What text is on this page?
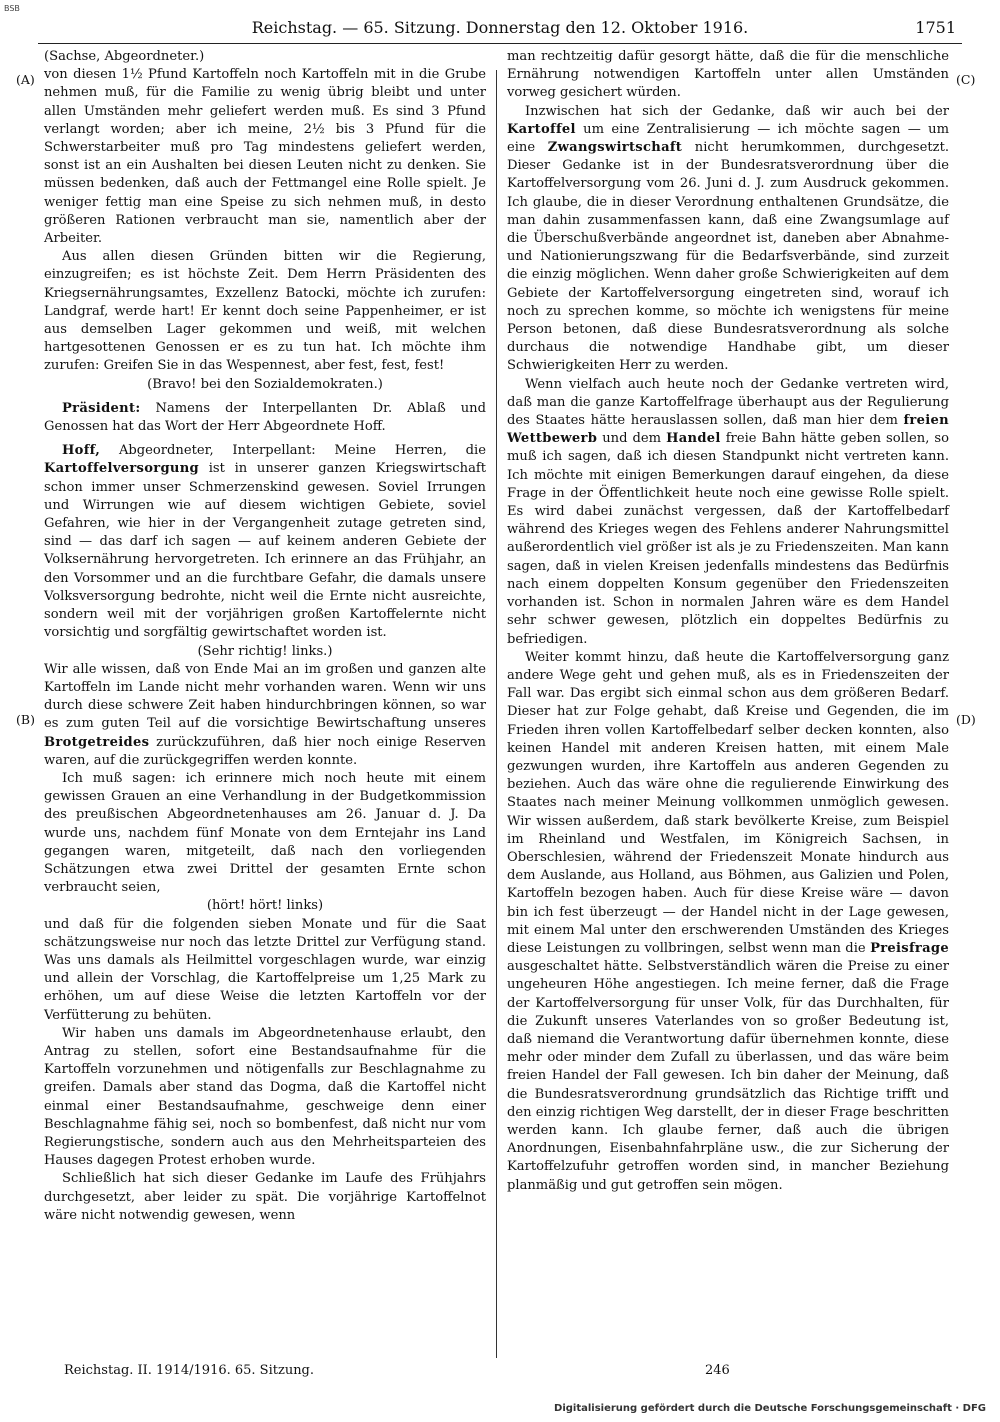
BSB
Reichstag. — 65. Sitzung. Donnerstag den 12. Oktober 1916.	1751
(A)
(B)
(C)
(D)

(Sachse, Abgeordneter.)

von diesen 1½ Pfund Kartoffeln noch Kartoffeln mit in die Grube nehmen muß, für die Familie zu wenig übrig bleibt und unter allen Umständen mehr geliefert werden muß. Es sind 3 Pfund verlangt worden; aber ich meine, 2½ bis 3 Pfund für die Schwerstarbeiter muß pro Tag mindestens geliefert werden, sonst ist an ein Aushalten bei diesen Leuten nicht zu denken. Sie müssen bedenken, daß auch der Fettmangel eine Rolle spielt. Je weniger fettig man eine Speise zu sich nehmen muß, in desto größeren Rationen verbraucht man sie, namentlich aber der Arbeiter.

Aus allen diesen Gründen bitten wir die Regierung, einzugreifen; es ist höchste Zeit. Dem Herrn Präsidenten des Kriegsernährungsamtes, Exzellenz Batocki, möchte ich zurufen: Landgraf, werde hart! Er kennt doch seine Pappenheimer, er ist aus demselben Lager gekommen und weiß, mit welchen hartgesottenen Genossen er es zu tun hat. Ich möchte ihm zurufen: Greifen Sie in das Wespennest, aber fest, fest, fest!

(Bravo! bei den Sozialdemokraten.)

Präsident: Namens der Interpellanten Dr. Ablaß und Genossen hat das Wort der Herr Abgeordnete Hoff.

Hoff, Abgeordneter, Interpellant: Meine Herren, die Kartoffelversorgung ist in unserer ganzen Kriegswirtschaft schon immer unser Schmerzenskind gewesen. Soviel Irrungen und Wirrungen wie auf diesem wichtigen Gebiete, soviel Gefahren, wie hier in der Vergangenheit zutage getreten sind, sind — das darf ich sagen — auf keinem anderen Gebiete der Volksernährung hervorgetreten. Ich erinnere an das Frühjahr, an den Vorsommer und an die furchtbare Gefahr, die damals unsere Volksversorgung bedrohte, nicht weil die Ernte nicht ausreichte, sondern weil mit der vorjährigen großen Kartoffelernte nicht vorsichtig und sorgfältig gewirtschaftet worden ist.

(Sehr richtig! links.)

Wir alle wissen, daß von Ende Mai an im großen und ganzen alte Kartoffeln im Lande nicht mehr vorhanden waren. Wenn wir uns durch diese schwere Zeit haben hindurchbringen können, so war es zum guten Teil auf die vorsichtige Bewirtschaftung unseres Brotgetreides zurückzuführen, daß hier noch einige Reserven waren, auf die zurückgegriffen werden konnte.

Ich muß sagen: ich erinnere mich noch heute mit einem gewissen Grauen an eine Verhandlung in der Budgetkommission des preußischen Abgeordnetenhauses am 26. Januar d. J. Da wurde uns, nachdem fünf Monate von dem Erntejahr ins Land gegangen waren, mitgeteilt, daß nach den vorliegenden Schätzungen etwa zwei Drittel der gesamten Ernte schon verbraucht seien,

(hört! hört! links)

und daß für die folgenden sieben Monate und für die Saat schätzungsweise nur noch das letzte Drittel zur Verfügung stand. Was uns damals als Heilmittel vorgeschlagen wurde, war einzig und allein der Vorschlag, die Kartoffelpreise um 1,25 Mark zu erhöhen, um auf diese Weise die letzten Kartoffeln vor der Verfütterung zu behüten.

Wir haben uns damals im Abgeordnetenhause erlaubt, den Antrag zu stellen, sofort eine Bestandsaufnahme für die Kartoffeln vorzunehmen und nötigenfalls zur Beschlagnahme zu greifen. Damals aber stand das Dogma, daß die Kartoffel nicht einmal einer Bestandsaufnahme, geschweige denn einer Beschlagnahme fähig sei, noch so bombenfest, daß nicht nur vom Regierungstische, sondern auch aus den Mehrheitsparteien des Hauses dagegen Protest erhoben wurde.

Schließlich hat sich dieser Gedanke im Laufe des Frühjahrs durchgesetzt, aber leider zu spät. Die vorjährige Kartoffelnot wäre nicht notwendig gewesen, wenn

man rechtzeitig dafür gesorgt hätte, daß die für die menschliche Ernährung notwendigen Kartoffeln unter allen Umständen vorweg gesichert würden.

Inzwischen hat sich der Gedanke, daß wir auch bei der Kartoffel um eine Zentralisierung — ich möchte sagen — um eine Zwangswirtschaft nicht herumkommen, durchgesetzt. Dieser Gedanke ist in der Bundesratsverordnung über die Kartoffelversorgung vom 26. Juni d. J. zum Ausdruck gekommen. Ich glaube, die in dieser Verordnung enthaltenen Grundsätze, die man dahin zusammenfassen kann, daß eine Zwangsumlage auf die Überschußverbände angeordnet ist, daneben aber Abnahme- und Nationierungszwang für die Bedarfsverbände, sind zurzeit die einzig möglichen. Wenn daher große Schwierigkeiten auf dem Gebiete der Kartoffelversorgung eingetreten sind, worauf ich noch zu sprechen komme, so möchte ich wenigstens für meine Person betonen, daß diese Bundesratsverordnung als solche durchaus die notwendige Handhabe gibt, um dieser Schwierigkeiten Herr zu werden.

Wenn vielfach auch heute noch der Gedanke vertreten wird, daß man die ganze Kartoffelfrage überhaupt aus der Regulierung des Staates hätte herauslassen sollen, daß man hier dem freien Wettbewerb und dem Handel freie Bahn hätte geben sollen, so muß ich sagen, daß ich diesen Standpunkt nicht vertreten kann. Ich möchte mit einigen Bemerkungen darauf eingehen, da diese Frage in der Öffentlichkeit heute noch eine gewisse Rolle spielt. Es wird dabei zunächst vergessen, daß der Kartoffelbedarf während des Krieges wegen des Fehlens anderer Nahrungsmittel außerordentlich viel größer ist als je zu Friedenszeiten. Man kann sagen, daß in vielen Kreisen jedenfalls mindestens das Bedürfnis nach einem doppelten Konsum gegenüber den Friedenszeiten vorhanden ist. Schon in normalen Jahren wäre es dem Handel sehr schwer gewesen, plötzlich ein doppeltes Bedürfnis zu befriedigen.

Weiter kommt hinzu, daß heute die Kartoffelversorgung ganz andere Wege geht und gehen muß, als es in Friedenszeiten der Fall war. Das ergibt sich einmal schon aus dem größeren Bedarf. Dieser hat zur Folge gehabt, daß Kreise und Gegenden, die im Frieden ihren vollen Kartoffelbedarf selber decken konnten, also keinen Handel mit anderen Kreisen hatten, mit einem Male gezwungen wurden, ihre Kartoffeln aus anderen Gegenden zu beziehen. Auch das wäre ohne die regulierende Einwirkung des Staates nach meiner Meinung vollkommen unmöglich gewesen. Wir wissen außerdem, daß stark bevölkerte Kreise, zum Beispiel im Rheinland und Westfalen, im Königreich Sachsen, in Oberschlesien, während der Friedenszeit Monate hindurch aus dem Auslande, aus Holland, aus Böhmen, aus Galizien und Polen, Kartoffeln bezogen haben. Auch für diese Kreise wäre — davon bin ich fest überzeugt — der Handel nicht in der Lage gewesen, mit einem Mal unter den erschwerenden Umständen des Krieges diese Leistungen zu vollbringen, selbst wenn man die Preisfrage ausgeschaltet hätte. Selbstverständlich wären die Preise zu einer ungeheuren Höhe angestiegen. Ich meine ferner, daß die Frage der Kartoffelversorgung für unser Volk, für das Durchhalten, für die Zukunft unseres Vaterlandes von so großer Bedeutung ist, daß niemand die Verantwortung dafür übernehmen konnte, diese mehr oder minder dem Zufall zu überlassen, und das wäre beim freien Handel der Fall gewesen. Ich bin daher der Meinung, daß die Bundesratsverordnung grundsätzlich das Richtige trifft und den einzig richtigen Weg darstellt, der in dieser Frage beschritten werden kann. Ich glaube ferner, daß auch die übrigen Anordnungen, Eisenbahnfahrpläne usw., die zur Sicherung der Kartoffelzufuhr getroffen worden sind, in mancher Beziehung planmäßig und gut getroffen sein mögen.

Reichstag. II. 1914/1916. 65. Sitzung.	246
Digitalisierung gefördert durch die Deutsche Forschungsgemeinschaft · DFG
